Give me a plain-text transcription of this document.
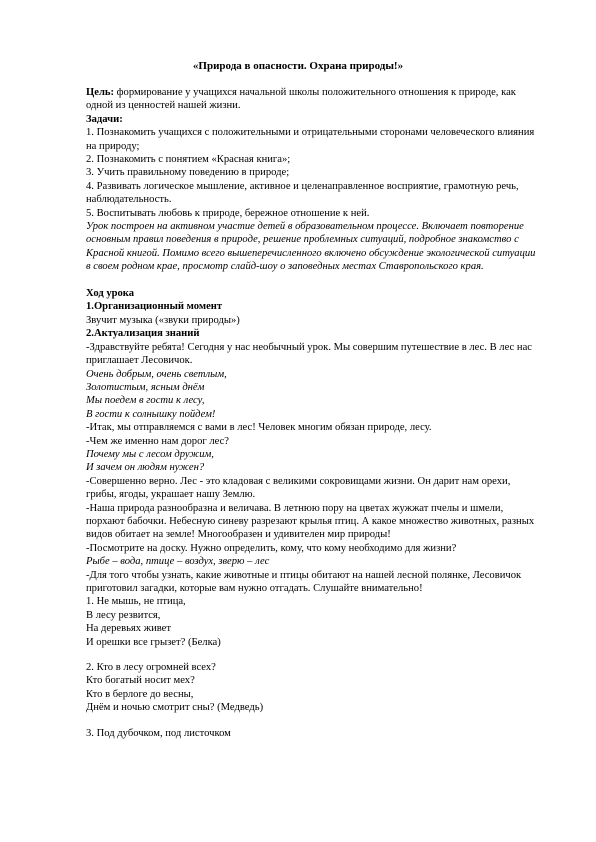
«Природа в опасности. Охрана природы!»

Цель: формирование у учащихся начальной школы положительного отношения к природе, как одной из ценностей нашей жизни.

Задачи:

1. Познакомить учащихся с положительными и отрицательными сторонами человеческого влияния на природу;

2. Познакомить с понятием «Красная книга»;

3. Учить правильному поведению в природе;

4. Развивать логическое мышление, активное и целенаправленное восприятие, грамотную речь, наблюдательность.

5. Воспитывать любовь к природе, бережное отношение к ней.

Урок построен на активном участие детей в образовательном процессе. Включает повторение основным правил поведения в природе, решение проблемных ситуаций, подробное знакомство с Красной книгой. Помимо всего вышеперечисленного включено обсуждение экологической ситуации в своем родном крае, просмотр слайд-шоу о заповедных местах Ставропольского края.

Ход урока

1.Организационный момент

Звучит музыка («звуки природы»)

2.Актуализация знаний

-Здравствуйте ребята! Сегодня у нас необычный урок. Мы совершим путешествие в лес. В лес нас приглашает Лесовичок.

Очень добрым, очень светлым,

Золотистым, ясным днём

Мы поедем в гости к лесу,

В гости к солнышку пойдем!

-Итак, мы отправляемся с вами в лес! Человек многим обязан природе, лесу.

-Чем же именно нам дорог лес?

Почему мы с лесом дружим,

И зачем он людям нужен?

-Совершенно верно. Лес - это кладовая с великими сокровищами жизни. Он дарит нам орехи, грибы, ягоды, украшает нашу Землю.

-Наша природа разнообразна и величава. В летнюю пору на цветах жужжат пчелы и шмели, порхают бабочки. Небесную синеву разрезают крылья птиц. А какое множество животных, разных видов обитает на земле! Многообразен и удивителен мир природы!

-Посмотрите на доску. Нужно определить, кому, что кому необходимо для жизни?

Рыбе – вода, птице – воздух, зверю – лес

-Для того чтобы узнать, какие животные и птицы обитают на нашей лесной полянке, Лесовичок приготовил загадки, которые вам нужно отгадать. Слушайте внимательно!

1. Не мышь, не птица,

В лесу резвится,

На деревьях живет

И орешки все грызет? (Белка)

2. Кто в лесу огромней всех?

Кто богатый носит мех?

Кто в берлоге до весны,

Днём и ночью смотрит сны? (Медведь)

3. Под дубочком, под листочком
